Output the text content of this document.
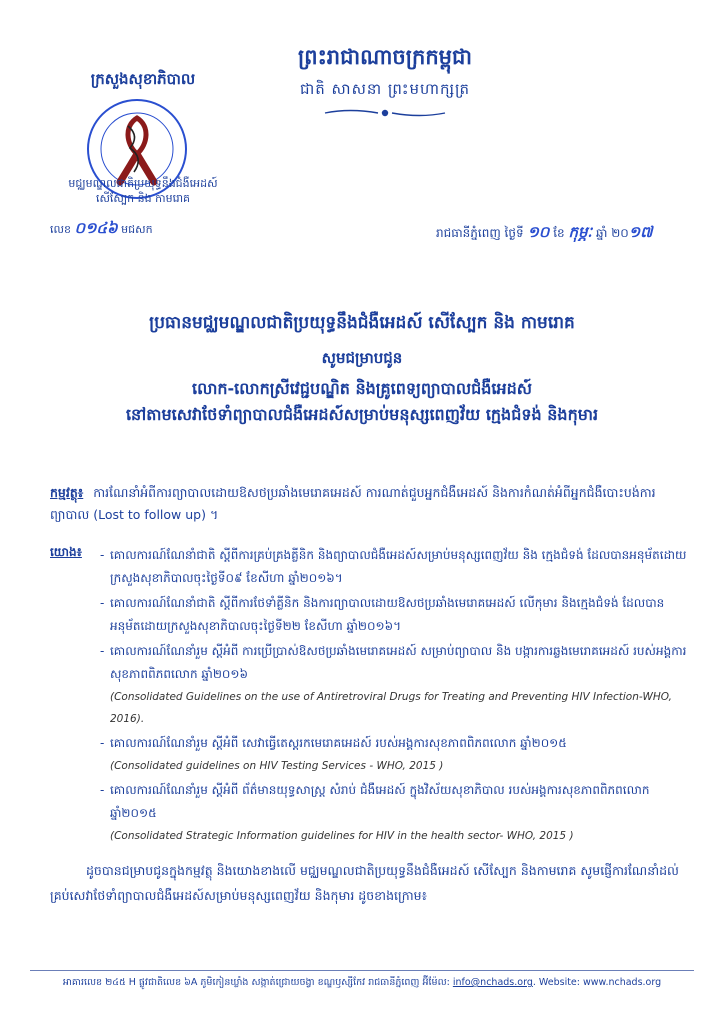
ព្រះរាជាណាចក្រកម្ពុជា
ជាតិ សាសនា ព្រះមហាក្សត្រ
ក្រសួងសុខាភិបាល
មជ្ឈមណ្ឌលជាតិប្រយុទ្ធនឹងជំងឺអេដស៍
សើស្បែក និង កាមរោគ
លេខ ០១៤៦ មជសក	រាជធានីភ្នំពេញ ថ្ងៃទី ១០ ខែ កុម្ភៈ ឆ្នាំ ២០១៧
ប្រធានមជ្ឈមណ្ឌលជាតិប្រយុទ្ធនឹងជំងឺអេដស៍ សើស្បែក និង កាមរោគ
សូមជម្រាបជូន
លោក-លោកស្រីវេជ្ជបណ្ឌិត និងគ្រូពេទ្យព្យាបាលជំងឺអេដស៍
នៅតាមសេវាថែទាំព្យាបាលជំងឺអេដស៍សម្រាប់មនុស្សពេញវ័យ ក្មេងជំទង់ និងកុមារ
កម្មវត្ថុ៖ ការណែនាំអំពីការព្យាបាលដោយឱសថប្រឆាំងមេរោគអេដស៍ ការណាត់ជួបអ្នកជំងឺអេដស៍ និងការកំណត់អំពីអ្នកជំងឺបោះបង់ការព្យាបាល (Lost to follow up) ។
យោង៖
- គោលការណ៍ណែនាំជាតិ ស្តីពីការគ្រប់គ្រងគ្លីនិក និងព្យាបាលជំងឺអេដស៍សម្រាប់មនុស្សពេញវ័យ និង ក្មេងជំទង់ ដែលបានអនុម័តដោយក្រសួងសុខាភិបាលចុះថ្ងៃទី០៩ ខែសីហា ឆ្នាំ២០១៦។
- គោលការណ៍ណែនាំជាតិ ស្តីពីការថែទាំគ្លីនិក និងការព្យាបាលដោយឱសថប្រឆាំងមេរោគអេដស៍ លើកុមារ និងក្មេងជំទង់ ដែលបានអនុម័តដោយក្រសួងសុខាភិបាលចុះថ្ងៃទី២២ ខែសីហា ឆ្នាំ២០១៦។
- គោលការណ៍ណែនាំរួម ស្តីអំពី ការប្រើប្រាស់ឱសថប្រឆាំងមេរោគអេដស៍ សម្រាប់ព្យាបាល និង បង្ការការឆ្លងមេរោគអេដស៍ របស់អង្គការសុខភាពពិភពលោក ឆ្នាំ២០១៦
(Consolidated Guidelines on the use of Antiretroviral Drugs for Treating and Preventing HIV Infection-WHO, 2016).
- គោលការណ៍ណែនាំរួម ស្តីអំពី សេវាធ្វើតេស្តរកមេរោគអេដស៍ របស់អង្គការសុខភាពពិភពលោក ឆ្នាំ២០១៥
(Consolidated guidelines on HIV Testing Services - WHO, 2015 )
- គោលការណ៍ណែនាំរួម ស្តីអំពី ព័ត៌មានយុទ្ធសាស្ត្រ សំរាប់ ជំងឺអេដស៍ ក្នុងវិស័យសុខាភិបាល របស់អង្គការសុខភាពពិភពលោក ឆ្នាំ២០១៥
(Consolidated Strategic Information guidelines for HIV in the health sector- WHO, 2015 )
ដូចបានជម្រាបជូនក្នុងកម្មវត្ថុ និងយោងខាងលើ មជ្ឈមណ្ឌលជាតិប្រយុទ្ធនឹងជំងឺអេដស៍ សើស្បែក និងកាមរោគ សូមផ្ញើការណែនាំដល់គ្រប់សេវាថែទាំព្យាបាលជំងឺអេដស៍សម្រាប់មនុស្សពេញវ័យ និងកុមារ ដូចខាងក្រោម៖
អាគារលេខ ២៤៥ H ផ្លូវជាតិលេខ ៦A ភូមិកៀនឃ្លាំង សង្កាត់ជ្រោយចង្វា ខណ្ឌឫស្សីកែវ រាជធានីភ្នំពេញ អ៊ីម៉ែល: info@nchads.org. Website: www.nchads.org
